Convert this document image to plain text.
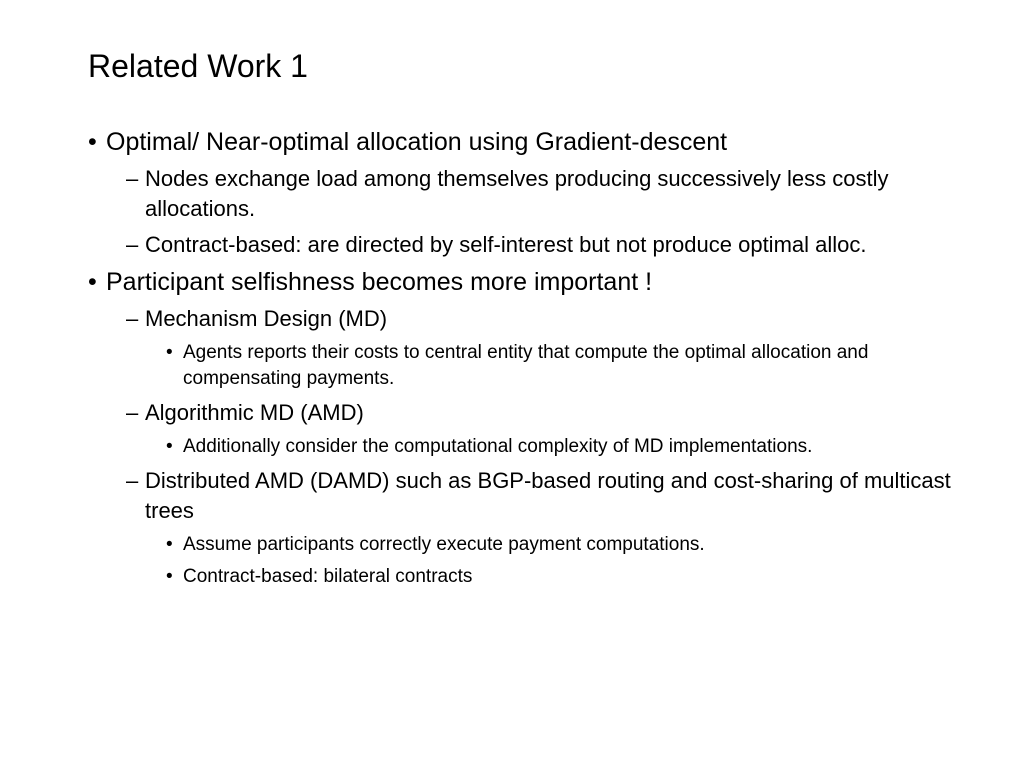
Related Work 1
• Optimal/ Near-optimal allocation using Gradient-descent
– Nodes exchange load among themselves producing successively less costly allocations.
– Contract-based: are directed by self-interest but not produce optimal alloc.
• Participant selfishness becomes more important !
– Mechanism Design (MD)
• Agents reports their costs to central entity that compute the optimal allocation and compensating payments.
– Algorithmic MD (AMD)
• Additionally consider the computational complexity of MD implementations.
– Distributed AMD (DAMD) such as BGP-based routing and cost-sharing of multicast trees
• Assume participants correctly execute payment computations.
• Contract-based: bilateral contracts
